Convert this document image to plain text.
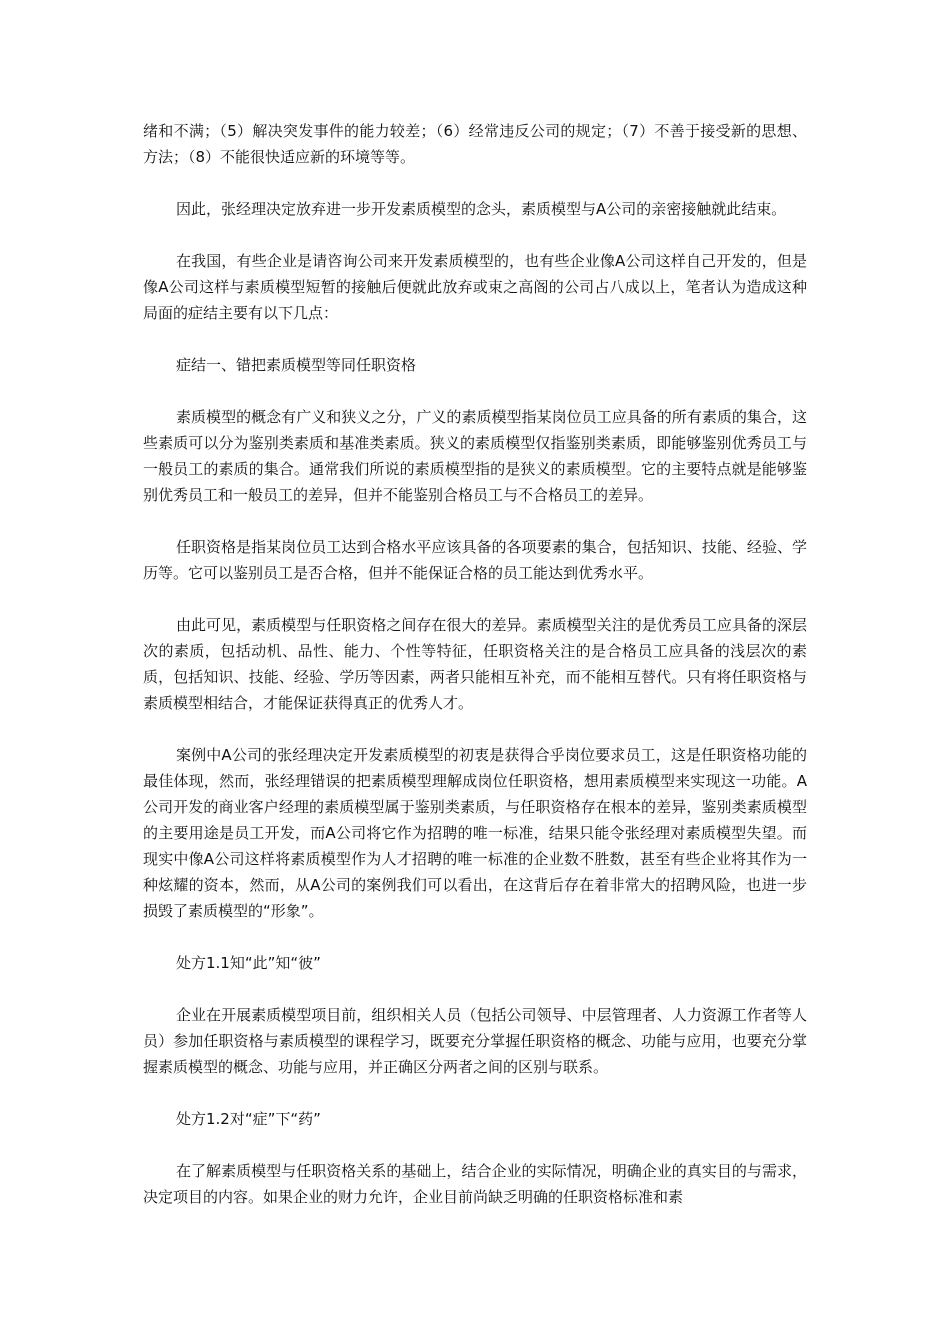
绪和不满；（5）解决突发事件的能力较差；（6）经常违反公司的规定；（7）不善于接受新的思想、方法；（8）不能很快适应新的环境等等。

因此，张经理决定放弃进一步开发素质模型的念头，素质模型与A公司的亲密接触就此结束。

在我国，有些企业是请咨询公司来开发素质模型的，也有些企业像A公司这样自己开发的，但是像A公司这样与素质模型短暂的接触后便就此放弃或束之高阁的公司占八成以上，笔者认为造成这种局面的症结主要有以下几点：

症结一、错把素质模型等同任职资格

素质模型的概念有广义和狭义之分，广义的素质模型指某岗位员工应具备的所有素质的集合，这些素质可以分为鉴别类素质和基准类素质。狭义的素质模型仅指鉴别类素质，即能够鉴别优秀员工与一般员工的素质的集合。通常我们所说的素质模型指的是狭义的素质模型。它的主要特点就是能够鉴别优秀员工和一般员工的差异，但并不能鉴别合格员工与不合格员工的差异。

任职资格是指某岗位员工达到合格水平应该具备的各项要素的集合，包括知识、技能、经验、学历等。它可以鉴别员工是否合格，但并不能保证合格的员工能达到优秀水平。

由此可见，素质模型与任职资格之间存在很大的差异。素质模型关注的是优秀员工应具备的深层次的素质，包括动机、品性、能力、个性等特征，任职资格关注的是合格员工应具备的浅层次的素质，包括知识、技能、经验、学历等因素，两者只能相互补充，而不能相互替代。只有将任职资格与素质模型相结合，才能保证获得真正的优秀人才。

案例中A公司的张经理决定开发素质模型的初衷是获得合乎岗位要求员工，这是任职资格功能的最佳体现，然而，张经理错误的把素质模型理解成岗位任职资格，想用素质模型来实现这一功能。A公司开发的商业客户经理的素质模型属于鉴别类素质，与任职资格存在根本的差异，鉴别类素质模型的主要用途是员工开发，而A公司将它作为招聘的唯一标准，结果只能令张经理对素质模型失望。而现实中像A公司这样将素质模型作为人才招聘的唯一标准的企业数不胜数，甚至有些企业将其作为一种炫耀的资本，然而，从A公司的案例我们可以看出，在这背后存在着非常大的招聘风险，也进一步损毁了素质模型的“形象”。

处方1.1知“此”知“彼”

企业在开展素质模型项目前，组织相关人员（包括公司领导、中层管理者、人力资源工作者等人员）参加任职资格与素质模型的课程学习，既要充分掌握任职资格的概念、功能与应用，也要充分掌握素质模型的概念、功能与应用，并正确区分两者之间的区别与联系。

处方1.2对“症”下“药”

在了解素质模型与任职资格关系的基础上，结合企业的实际情况，明确企业的真实目的与需求，决定项目的内容。如果企业的财力允许，企业目前尚缺乏明确的任职资格标准和素
